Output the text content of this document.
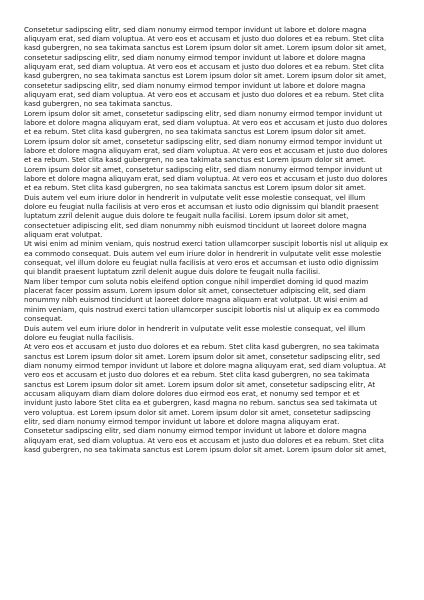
Consetetur sadipscing elitr, sed diam nonumy eirmod tempor invidunt ut labore et dolore magna
aliquyam erat, sed diam voluptua. At vero eos et accusam et justo duo dolores et ea rebum. Stet clita
kasd gubergren, no sea takimata sanctus est Lorem ipsum dolor sit amet. Lorem ipsum dolor sit amet,
consetetur sadipscing elitr, sed diam nonumy eirmod tempor invidunt ut labore et dolore magna
aliquyam erat, sed diam voluptua. At vero eos et accusam et justo duo dolores et ea rebum. Stet clita
kasd gubergren, no sea takimata sanctus est Lorem ipsum dolor sit amet. Lorem ipsum dolor sit amet,
consetetur sadipscing elitr, sed diam nonumy eirmod tempor invidunt ut labore et dolore magna
aliquyam erat, sed diam voluptua. At vero eos et accusam et justo duo dolores et ea rebum. Stet clita
kasd gubergren, no sea takimata sanctus.
Lorem ipsum dolor sit amet, consetetur sadipscing elitr, sed diam nonumy eirmod tempor invidunt ut
labore et dolore magna aliquyam erat, sed diam voluptua. At vero eos et accusam et justo duo dolores
et ea rebum. Stet clita kasd gubergren, no sea takimata sanctus est Lorem ipsum dolor sit amet.
Lorem ipsum dolor sit amet, consetetur sadipscing elitr, sed diam nonumy eirmod tempor invidunt ut
labore et dolore magna aliquyam erat, sed diam voluptua. At vero eos et accusam et justo duo dolores
et ea rebum. Stet clita kasd gubergren, no sea takimata sanctus est Lorem ipsum dolor sit amet.
Lorem ipsum dolor sit amet, consetetur sadipscing elitr, sed diam nonumy eirmod tempor invidunt ut
labore et dolore magna aliquyam erat, sed diam voluptua. At vero eos et accusam et justo duo dolores
et ea rebum. Stet clita kasd gubergren, no sea takimata sanctus est Lorem ipsum dolor sit amet.
Duis autem vel eum iriure dolor in hendrerit in vulputate velit esse molestie consequat, vel illum
dolore eu feugiat nulla facilisis at vero eros et accumsan et iusto odio dignissim qui blandit praesent
luptatum zzril delenit augue duis dolore te feugait nulla facilisi. Lorem ipsum dolor sit amet,
consectetuer adipiscing elit, sed diam nonummy nibh euismod tincidunt ut laoreet dolore magna
aliquam erat volutpat.
Ut wisi enim ad minim veniam, quis nostrud exerci tation ullamcorper suscipit lobortis nisl ut aliquip ex
ea commodo consequat. Duis autem vel eum iriure dolor in hendrerit in vulputate velit esse molestie
consequat, vel illum dolore eu feugiat nulla facilisis at vero eros et accumsan et iusto odio dignissim
qui blandit praesent luptatum zzril delenit augue duis dolore te feugait nulla facilisi.
Nam liber tempor cum soluta nobis eleifend option congue nihil imperdiet doming id quod mazim
placerat facer possim assum. Lorem ipsum dolor sit amet, consectetuer adipiscing elit, sed diam
nonummy nibh euismod tincidunt ut laoreet dolore magna aliquam erat volutpat. Ut wisi enim ad
minim veniam, quis nostrud exerci tation ullamcorper suscipit lobortis nisl ut aliquip ex ea commodo
consequat.
Duis autem vel eum iriure dolor in hendrerit in vulputate velit esse molestie consequat, vel illum
dolore eu feugiat nulla facilisis.
At vero eos et accusam et justo duo dolores et ea rebum. Stet clita kasd gubergren, no sea takimata
sanctus est Lorem ipsum dolor sit amet. Lorem ipsum dolor sit amet, consetetur sadipscing elitr, sed
diam nonumy eirmod tempor invidunt ut labore et dolore magna aliquyam erat, sed diam voluptua. At
vero eos et accusam et justo duo dolores et ea rebum. Stet clita kasd gubergren, no sea takimata
sanctus est Lorem ipsum dolor sit amet. Lorem ipsum dolor sit amet, consetetur sadipscing elitr, At
accusam aliquyam diam diam dolore dolores duo eirmod eos erat, et nonumy sed tempor et et
invidunt justo labore Stet clita ea et gubergren, kasd magna no rebum. sanctus sea sed takimata ut
vero voluptua. est Lorem ipsum dolor sit amet. Lorem ipsum dolor sit amet, consetetur sadipscing
elitr, sed diam nonumy eirmod tempor invidunt ut labore et dolore magna aliquyam erat.
Consetetur sadipscing elitr, sed diam nonumy eirmod tempor invidunt ut labore et dolore magna
aliquyam erat, sed diam voluptua. At vero eos et accusam et justo duo dolores et ea rebum. Stet clita
kasd gubergren, no sea takimata sanctus est Lorem ipsum dolor sit amet. Lorem ipsum dolor sit amet,
